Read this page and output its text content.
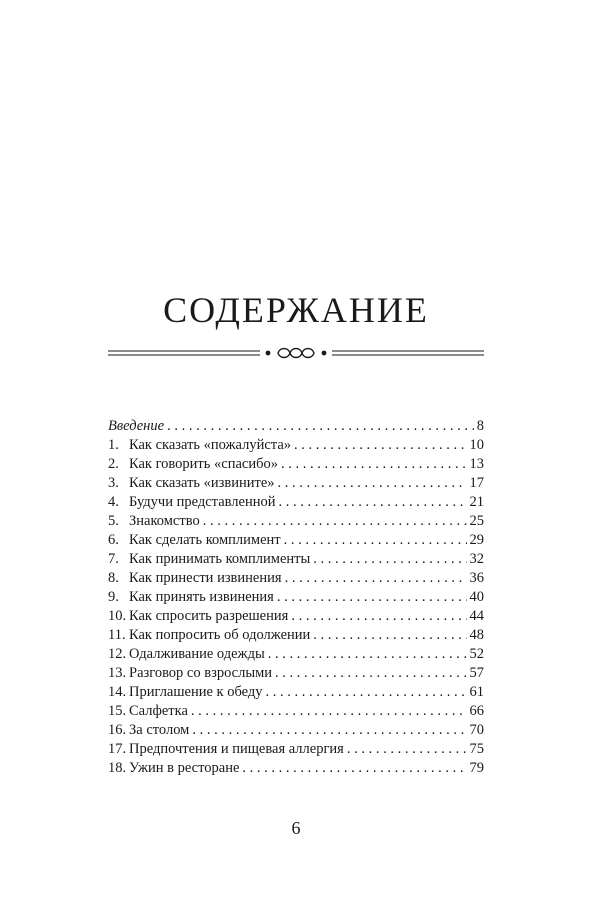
СОДЕРЖАНИЕ
Введение . . .	8
1. Как сказать «пожалуйста» . . .	10
2. Как говорить «спасибо» . . .	13
3. Как сказать «извините» . . .	17
4. Будучи представленной . . .	21
5. Знакомство . . .	25
6. Как сделать комплимент . . .	29
7. Как принимать комплименты . . .	32
8. Как принести извинения . . .	36
9. Как принять извинения . . .	40
10. Как спросить разрешения . . .	44
11. Как попросить об одолжении . . .	48
12. Одалживание одежды . . .	52
13. Разговор со взрослыми . . .	57
14. Приглашение к обеду . . .	61
15. Салфетка . . .	66
16. За столом . . .	70
17. Предпочтения и пищевая аллергия . . .	75
18. Ужин в ресторане . . .	79
6
